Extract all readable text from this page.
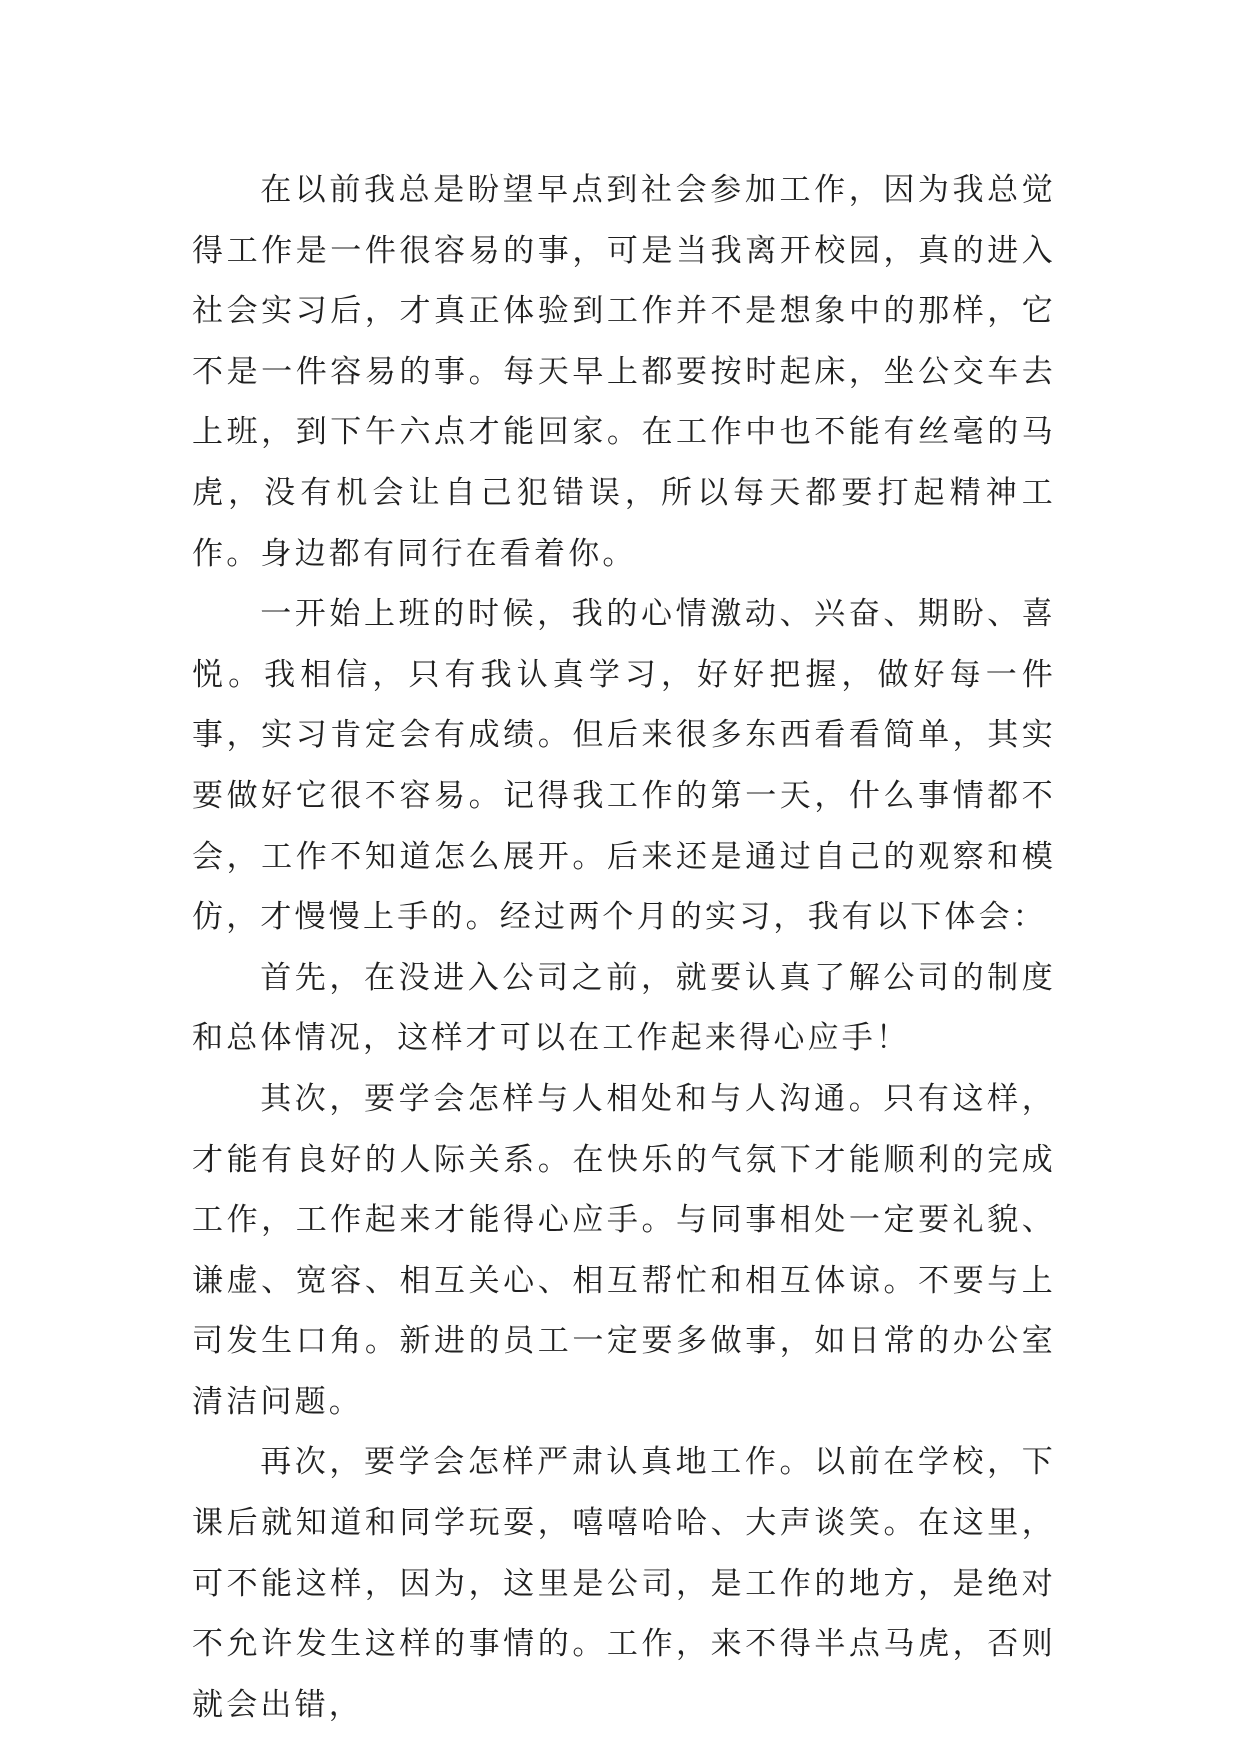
在以前我总是盼望早点到社会参加工作，因为我总觉得工作是一件很容易的事，可是当我离开校园，真的进入社会实习后，才真正体验到工作并不是想象中的那样，它不是一件容易的事。每天早上都要按时起床，坐公交车去上班，到下午六点才能回家。在工作中也不能有丝毫的马虎，没有机会让自己犯错误，所以每天都要打起精神工作。身边都有同行在看着你。

一开始上班的时候，我的心情激动、兴奋、期盼、喜悦。我相信，只有我认真学习，好好把握，做好每一件事，实习肯定会有成绩。但后来很多东西看看简单，其实要做好它很不容易。记得我工作的第一天，什么事情都不会，工作不知道怎么展开。后来还是通过自己的观察和模仿，才慢慢上手的。经过两个月的实习，我有以下体会：

首先，在没进入公司之前，就要认真了解公司的制度和总体情况，这样才可以在工作起来得心应手！

其次，要学会怎样与人相处和与人沟通。只有这样，才能有良好的人际关系。在快乐的气氛下才能顺利的完成工作，工作起来才能得心应手。与同事相处一定要礼貌、谦虚、宽容、相互关心、相互帮忙和相互体谅。不要与上司发生口角。新进的员工一定要多做事，如日常的办公室清洁问题。

再次，要学会怎样严肃认真地工作。以前在学校，下课后就知道和同学玩耍，嘻嘻哈哈、大声谈笑。在这里，可不能这样，因为，这里是公司，是工作的地方，是绝对不允许发生这样的事情的。工作，来不得半点马虎，否则就会出错，
